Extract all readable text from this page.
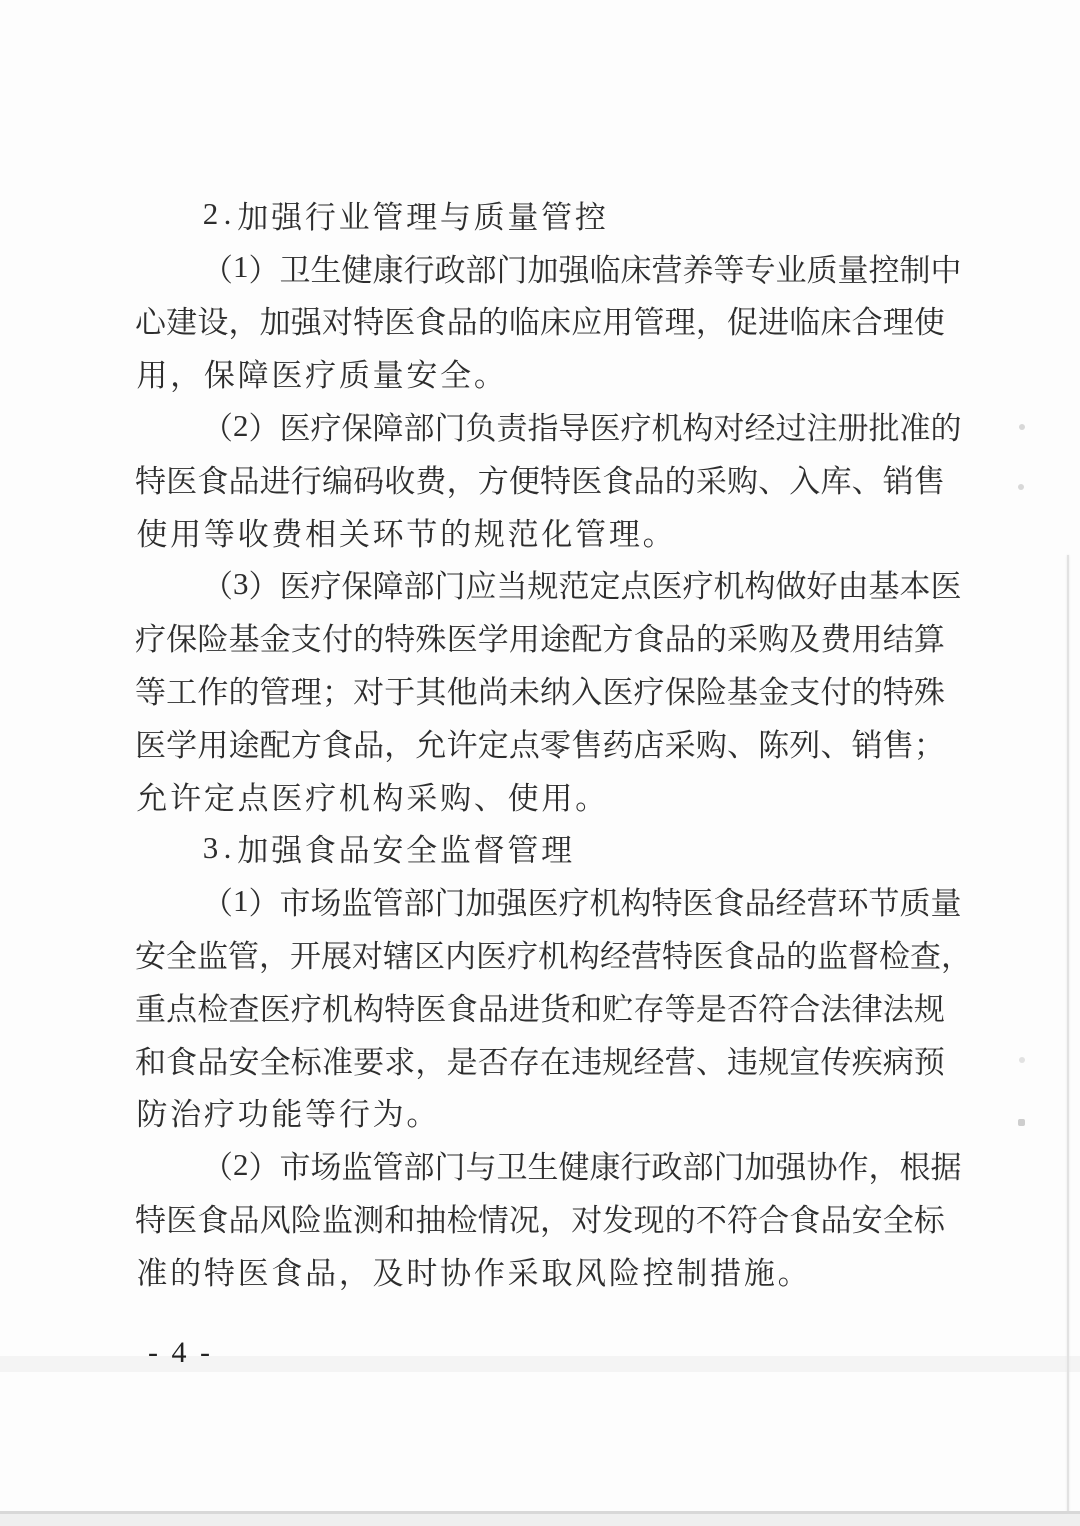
2 . 加 强 行 业 管 理 与 质 量 管 控
（ 1 ） 卫 生 健 康 行 政 部 门 加 强 临 床 营 养 等 专 业 质 量 控 制 中
心 建 设 ， 加 强 对 特 医 食 品 的 临 床 应 用 管 理 ， 促 进 临 床 合 理 使
用 ， 保 障 医 疗 质 量 安 全 。
（ 2 ） 医 疗 保 障 部 门 负 责 指 导 医 疗 机 构 对 经 过 注 册 批 准 的
特 医 食 品 进 行 编 码 收 费 ， 方 便 特 医 食 品 的 采 购 、 入 库 、 销 售
使 用 等 收 费 相 关 环 节 的 规 范 化 管 理 。
（ 3 ） 医 疗 保 障 部 门 应 当 规 范 定 点 医 疗 机 构 做 好 由 基 本 医
疗 保 险 基 金 支 付 的 特 殊 医 学 用 途 配 方 食 品 的 采 购 及 费 用 结 算
等 工 作 的 管 理 ； 对 于 其 他 尚 未 纳 入 医 疗 保 险 基 金 支 付 的 特 殊
医 学 用 途 配 方 食 品 ， 允 许 定 点 零 售 药 店 采 购 、 陈 列 、 销 售 ；
允 许 定 点 医 疗 机 构 采 购 、 使 用 。
3 . 加 强 食 品 安 全 监 督 管 理
（ 1 ） 市 场 监 管 部 门 加 强 医 疗 机 构 特 医 食 品 经 营 环 节 质 量
安 全 监 管 ， 开 展 对 辖 区 内 医 疗 机 构 经 营 特 医 食 品 的 监 督 检 查 ，
重 点 检 查 医 疗 机 构 特 医 食 品 进 货 和 贮 存 等 是 否 符 合 法 律 法 规
和 食 品 安 全 标 准 要 求 ， 是 否 存 在 违 规 经 营 、 违 规 宣 传 疾 病 预
防 治 疗 功 能 等 行 为 。
（ 2 ） 市 场 监 管 部 门 与 卫 生 健 康 行 政 部 门 加 强 协 作 ， 根 据
特 医 食 品 风 险 监 测 和 抽 检 情 况 ， 对 发 现 的 不 符 合 食 品 安 全 标
准 的 特 医 食 品 ， 及 时 协 作 采 取 风 险 控 制 措 施 。
- 4 -
